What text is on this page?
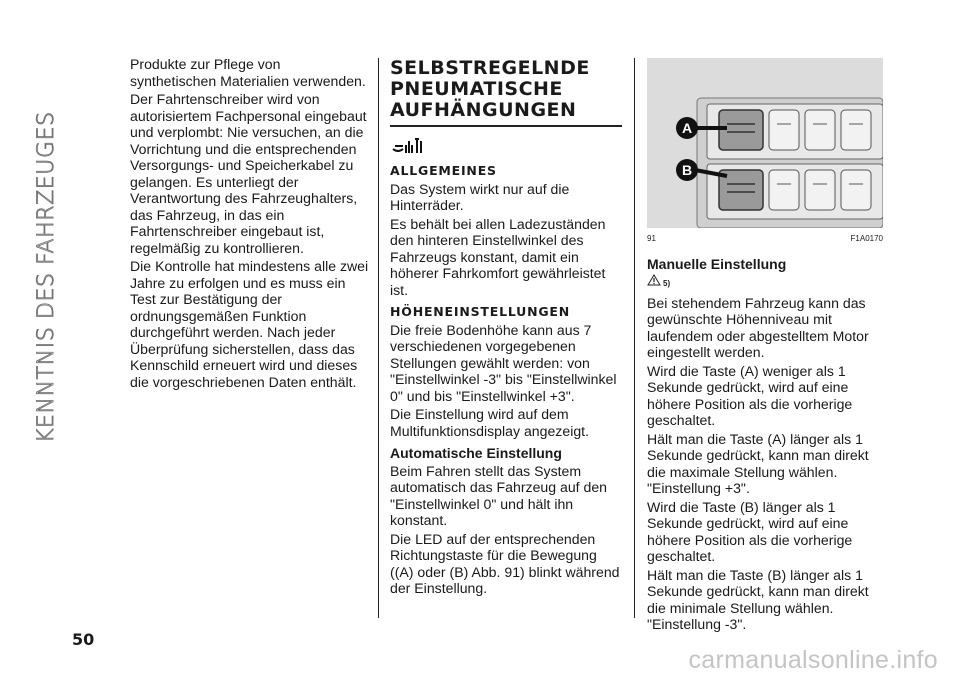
KENNTNIS DES FAHRZEUGES

Produkte zur Pflege von synthetischen Materialien verwenden.

Der Fahrtenschreiber wird von autorisiertem Fachpersonal eingebaut und verplombt: Nie versuchen, an die Vorrichtung und die entsprechenden Versorgungs- und Speicherkabel zu gelangen. Es unterliegt der Verantwortung des Fahrzeughalters, das Fahrzeug, in das ein Fahrtenschreiber eingebaut ist, regelmäßig zu kontrollieren.

Die Kontrolle hat mindestens alle zwei Jahre zu erfolgen und es muss ein Test zur Bestätigung der ordnungsgemäßen Funktion durchgeführt werden. Nach jeder Überprüfung sicherstellen, dass das Kennschild erneuert wird und dieses die vorgeschriebenen Daten enthält.

SELBSTREGELNDE PNEUMATISCHE AUFHÄNGUNGEN
ALLGEMEINES

Das System wirkt nur auf die Hinterräder.

Es behält bei allen Ladezuständen den hinteren Einstellwinkel des Fahrzeugs konstant, damit ein höherer Fahrkomfort gewährleistet ist.

HÖHENEINSTELLUNGEN

Die freie Bodenhöhe kann aus 7 verschiedenen vorgegebenen Stellungen gewählt werden: von "Einstellwinkel -3" bis "Einstellwinkel 0" und bis "Einstellwinkel +3".

Die Einstellung wird auf dem Multifunktionsdisplay angezeigt.

Automatische Einstellung

Beim Fahren stellt das System automatisch das Fahrzeug auf den "Einstellwinkel 0" und hält ihn konstant.

Die LED auf der entsprechenden Richtungstaste für die Bewegung ((A) oder (B) Abb. 91) blinkt während der Einstellung.

A
B
91	F1A0170
Manuelle Einstellung
5)

Bei stehendem Fahrzeug kann das gewünschte Höhenniveau mit laufendem oder abgestelltem Motor eingestellt werden.

Wird die Taste (A) weniger als 1 Sekunde gedrückt, wird auf eine höhere Position als die vorherige geschaltet.

Hält man die Taste (A) länger als 1 Sekunde gedrückt, kann man direkt die maximale Stellung wählen. "Einstellung +3".

Wird die Taste (B) länger als 1 Sekunde gedrückt, wird auf eine höhere Position als die vorherige geschaltet.

Hält man die Taste (B) länger als 1 Sekunde gedrückt, kann man direkt die minimale Stellung wählen. "Einstellung -3".

50
carmanualsonline.info
